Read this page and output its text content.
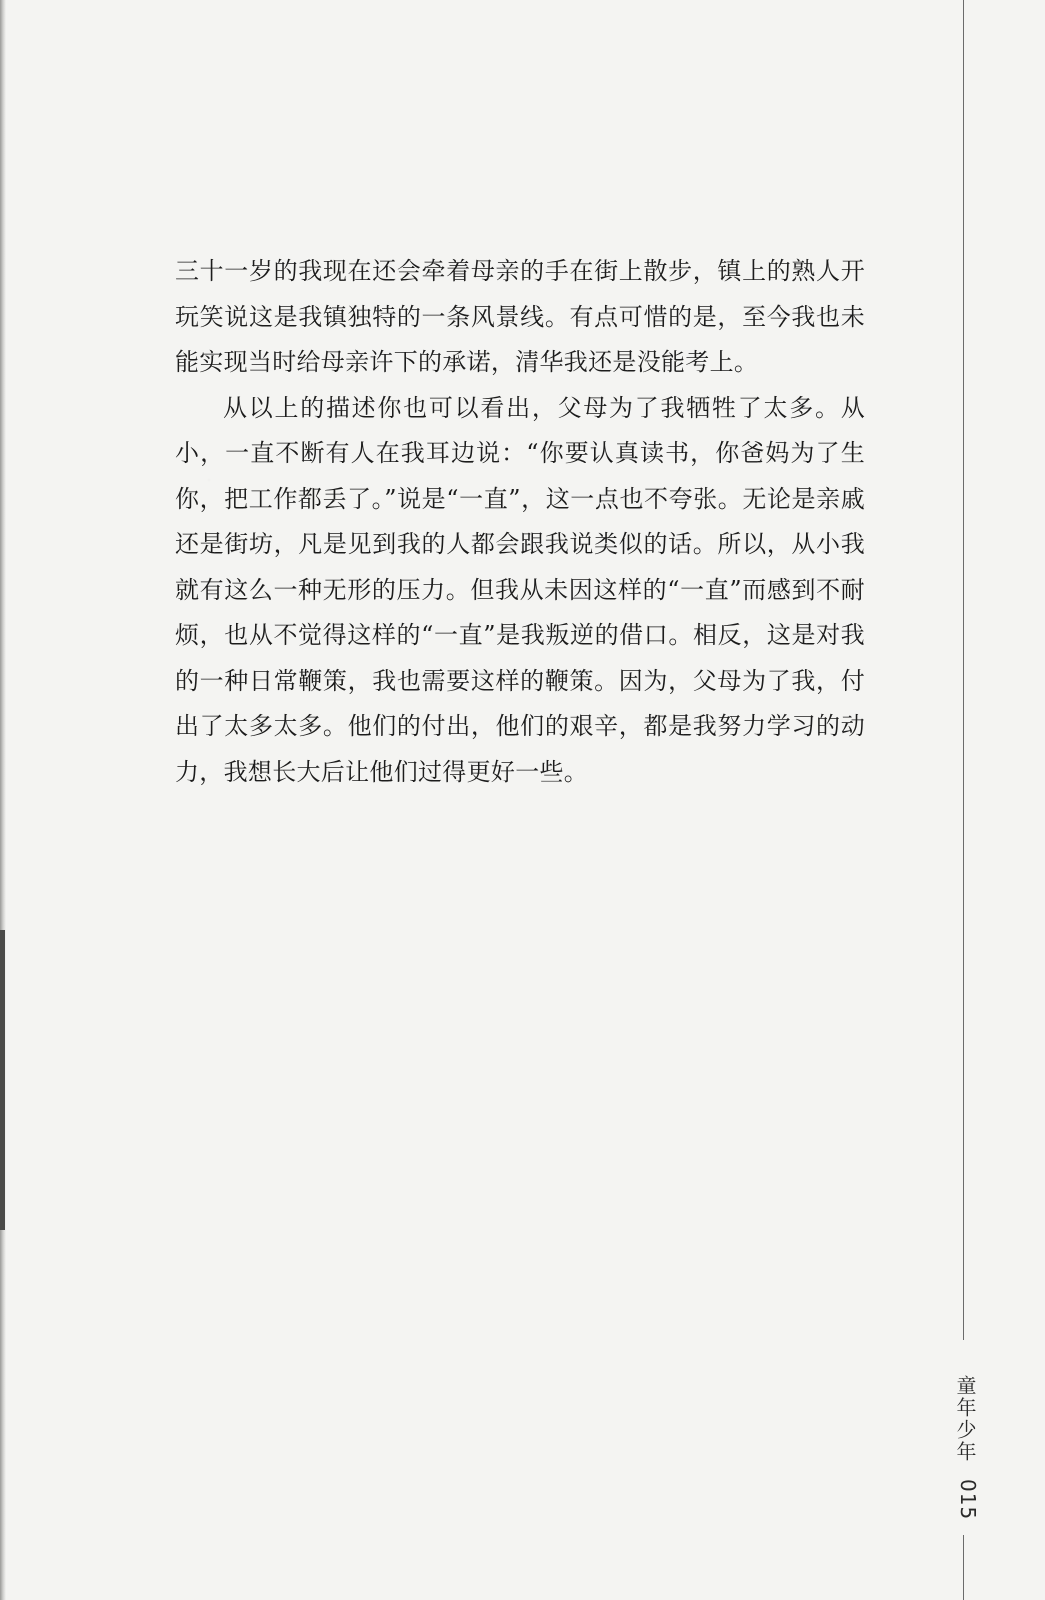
三十一岁的我现在还会牵着母亲的手在街上散步，镇上的熟人开玩笑说这是我镇独特的一条风景线。有点可惜的是，至今我也未能实现当时给母亲许下的承诺，清华我还是没能考上。

从以上的描述你也可以看出，父母为了我牺牲了太多。从小，一直不断有人在我耳边说：“你要认真读书，你爸妈为了生你，把工作都丢了。”说是“一直”，这一点也不夸张。无论是亲戚还是街坊，凡是见到我的人都会跟我说类似的话。所以，从小我就有这么一种无形的压力。但我从未因这样的“一直”而感到不耐烦，也从不觉得这样的“一直”是我叛逆的借口。相反，这是对我的一种日常鞭策，我也需要这样的鞭策。因为，父母为了我，付出了太多太多。他们的付出，他们的艰辛，都是我努力学习的动力，我想长大后让他们过得更好一些。

童年少年
015
